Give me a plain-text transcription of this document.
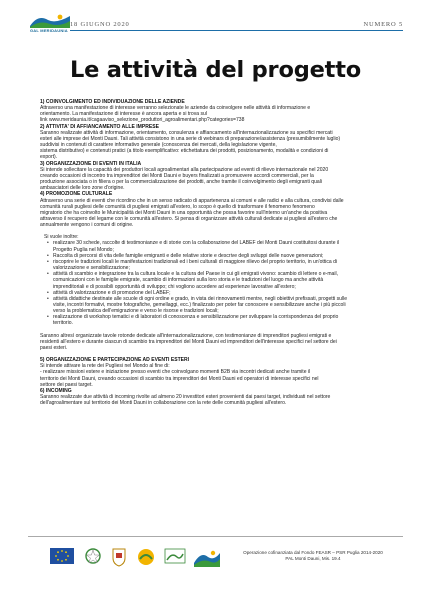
GAL MERIDAUNIA
18 GIUGNO 2020	NUMERO 5
Le attività del progetto

1) COINVOLGIMENTO ED INDIVIDUAZIONE DELLE AZIENDE

Attraverso una manifestazione di interesse verranno selezionate le aziende da coinvolgere nelle attività di informazione e

orientamento. La manifestazione di interesse è ancora aperta e si trova sul

link www.meridaunia.it/cagaaviso_selezione_produttori_agroalimentari.php?categories=738

2) ATTIVITA' DI AFFIANCAMENTO ALLE IMPRESE

Saranno realizzate attività di informazione, orientamento, consulenza e affiancamento all'internazionalizzazione su specifici mercati

esteri alle imprese dei Monti Dauni. Tali attività consistono in una serie di webinars di preparazione/assistenza (presumibilmente luglio)

suddivisi in contenuti di carattere informativo generale (conoscenza dei mercati, della legislazione vigente,

sistema distributivo) e contenuti pratici (a titolo esemplificativo: etichettatura dei prodotti, posizionamento, modalità e condizioni di

export).

3) ORGANIZZAZIONE DI EVENTI IN ITALIA

Si intende sollecitare la capacità dei produttori locali agroalimentari alla partecipazione ad eventi di rilievo internazionale nel 2020

creando occasioni di incontro tra imprenditori dei Monti Dauni e buyers finalizzati a promuovere accordi commerciali, per la

produzione associata o in filiera o per la commercializzazione dei prodotti, anche tramite il coinvolgimento degli emigranti quali

ambasciatori delle loro zone d'origine.

4) PROMOZIONE CULTURALE

Attraverso una serie di eventi che ricordino che in un senso radicato di appartenenza ai comuni e alle radici e alla cultura, condivisi dalle

comunità rurali pugliesi delle comunità di pugliesi emigrati all'estero, lo scopo è quello di trasformare il fenomeno fenomeno

migratorio che ha coinvolto le Municipalità dei Monti Dauni in una opportunità che possa favorire sull'interno un'anche da positiva

attraverso il recupero del legame con le comunità all'estero. Si pensa di organizzare attività culturali dedicate ai pugliesi all'estero che

annualmente vengono i comuni di origine.

Si vuole inoltre:

• realizzare 30 schede, raccolte di testimonianze e di storie con la collaborazione del LABEF dei Monti Dauni costituitosi durante il
Progetto Puglia nel Mondo;
• Raccolta di percorsi di vita delle famiglie emigranti e delle relative storie e descrive degli sviluppi delle nuove generazioni;
• riscoprire le tradizioni locali le manifestazioni tradizionali ed i beni culturali di maggiore rilievo del proprio territorio, in un'ottica di
valorizzazione e sensibilizzazione;
• attività di scambio e integrazione tra la cultura locale e la cultura del Paese in cui gli emigrati vivono: scambio di lettere o e-mail,
comunicazioni con le famiglie emigrate, scambio di informazioni sulla loro storia e le tradizioni del luogo ma anche attività
imprenditoriali e di possibili opportunità di sviluppo; chi vogliono accedere ad esperienze lavorative all'estero;
• attività di valorizzazione e di promozione del LABEF;
• attività didattiche destinate alle scuole di ogni ordine e grado, in vista dei rinnovamenti mentre, negli obiettivi prefissati, progetti sulle
visite, incontri formativi, mostre fotografiche, gemellaggi, ecc.) finalizzato per poter far conoscere e sensibilizzare anche i più piccoli
verso la problematica dell'emigrazione e verso le risorse e tradizioni locali;
• realizzazione di workshop tematici e di laboratori di conoscenza e sensibilizzazione per sviluppare la corrispondenza del proprio
territorio.

Saranno altresì organizzate tavole rotonde dedicate all'internazionalizzazione, con testimonianze di imprenditori pugliesi emigrati e

residenti all'estero e durante ciascun di scambio tra imprenditori del Monti Dauni ed imprenditori dell'interesse specifici nel settore dei

paesi esteri.

5) ORGANIZZAZIONE E PARTECIPAZIONE AD EVENTI ESTERI

Si intende attivare la rete dei Pugliesi nel Mondo al fine di:

- realizzare missioni estere e iniziazione presso eventi che coinvolgano momenti B2B via incontri dedicati anche tramite il

territorio dei Monti Dauni, creando occasioni di scambio tra imprenditori dei Monti Dauni ed operatori di interesse specifici nel

settore dei paesi target.

6) INCOMING

Saranno realizzate due attività di incoming rivolte ad almeno 20 investitori esteri provenienti dai paesi target, individuati nel settore

dell'agroalimentare sul territorio dei Monti Dauni in collaborazione con la rete delle comunità pugliesi all'estero.

Operazione cofinanziata dal Fondo FEASR – PSR Puglia 2014-2020
PAL Monti Dauni, Mis. 19.4
